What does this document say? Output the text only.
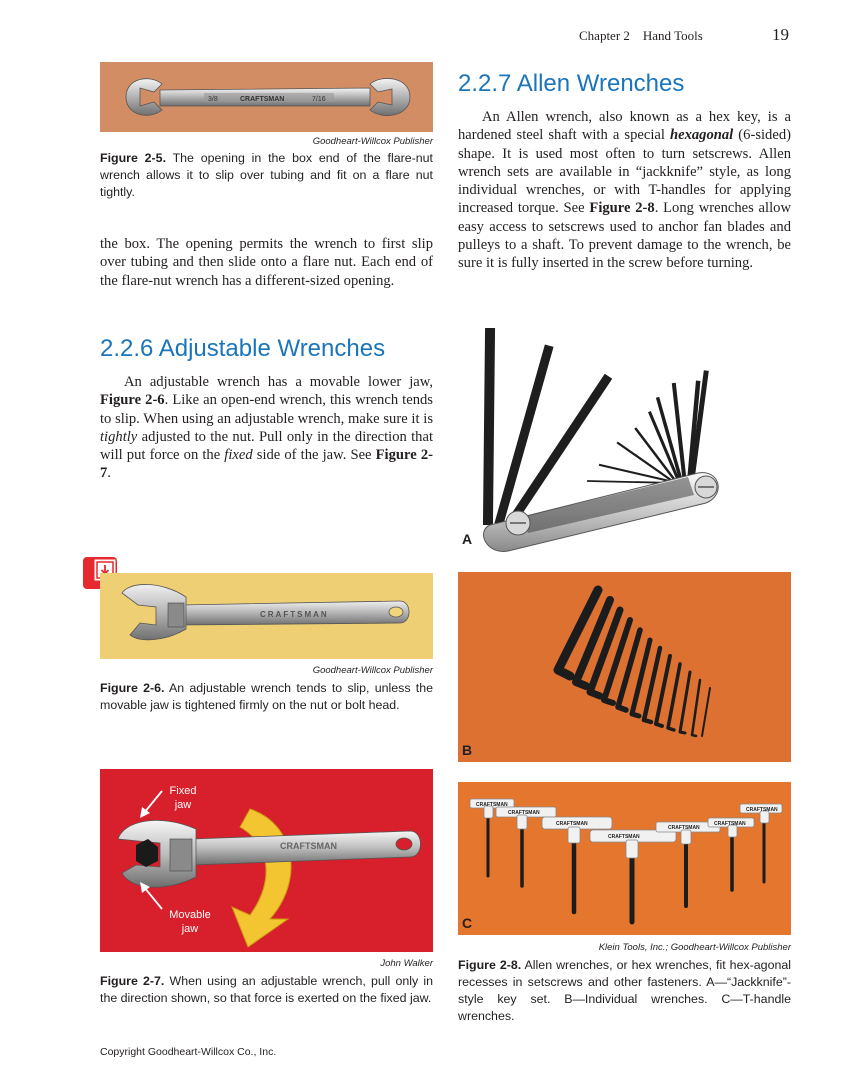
Chapter 2    Hand Tools	19
3/8	CRAFTSMAN	7/16
Goodheart-Willcox Publisher
Figure 2-5. The opening in the box end of the flare-nut wrench allows it to slip over tubing and fit on a flare nut tightly.

the box. The opening permits the wrench to first slip over tubing and then slide onto a flare nut. Each end of the flare-nut wrench has a different-sized opening.

2.2.6 Adjustable Wrenches

An adjustable wrench has a movable lower jaw, Figure 2-6. Like an open-end wrench, this wrench tends to slip. When using an adjustable wrench, make sure it is tightly adjusted to the nut. Pull only in the direction that will put force on the fixed side of the jaw. See Figure 2-7.

CRAFTSMAN
Goodheart-Willcox Publisher
Figure 2-6. An adjustable wrench tends to slip, unless the movable jaw is tightened firmly on the nut or bolt head.
CRAFTSMAN
Fixed
jaw
Movable
jaw
John Walker
Figure 2-7. When using an adjustable wrench, pull only in the direction shown, so that force is exerted on the fixed jaw.
2.2.7 Allen Wrenches

An Allen wrench, also known as a hex key, is a hardened steel shaft with a special hexagonal (6-sided) shape. It is used most often to turn setscrews. Allen wrench sets are available in “jackknife” style, as long individual wrenches, or with T-handles for applying increased torque. See Figure 2-8. Long wrenches allow easy access to setscrews used to anchor fan blades and pulleys to a shaft. To prevent damage to the wrench, be sure it is fully inserted in the screw before turning.

A
B
CRAFTSMAN
CRAFTSMAN
CRAFTSMAN
CRAFTSMAN
CRAFTSMAN
CRAFTSMAN
CRAFTSMAN
C
Klein Tools, Inc.; Goodheart-Willcox Publisher
Figure 2-8. Allen wrenches, or hex wrenches, fit hex-agonal recesses in setscrews and other fasteners. A—“Jackknife”-style key set. B—Individual wrenches. C—T-handle wrenches.
Copyright Goodheart-Willcox Co., Inc.
